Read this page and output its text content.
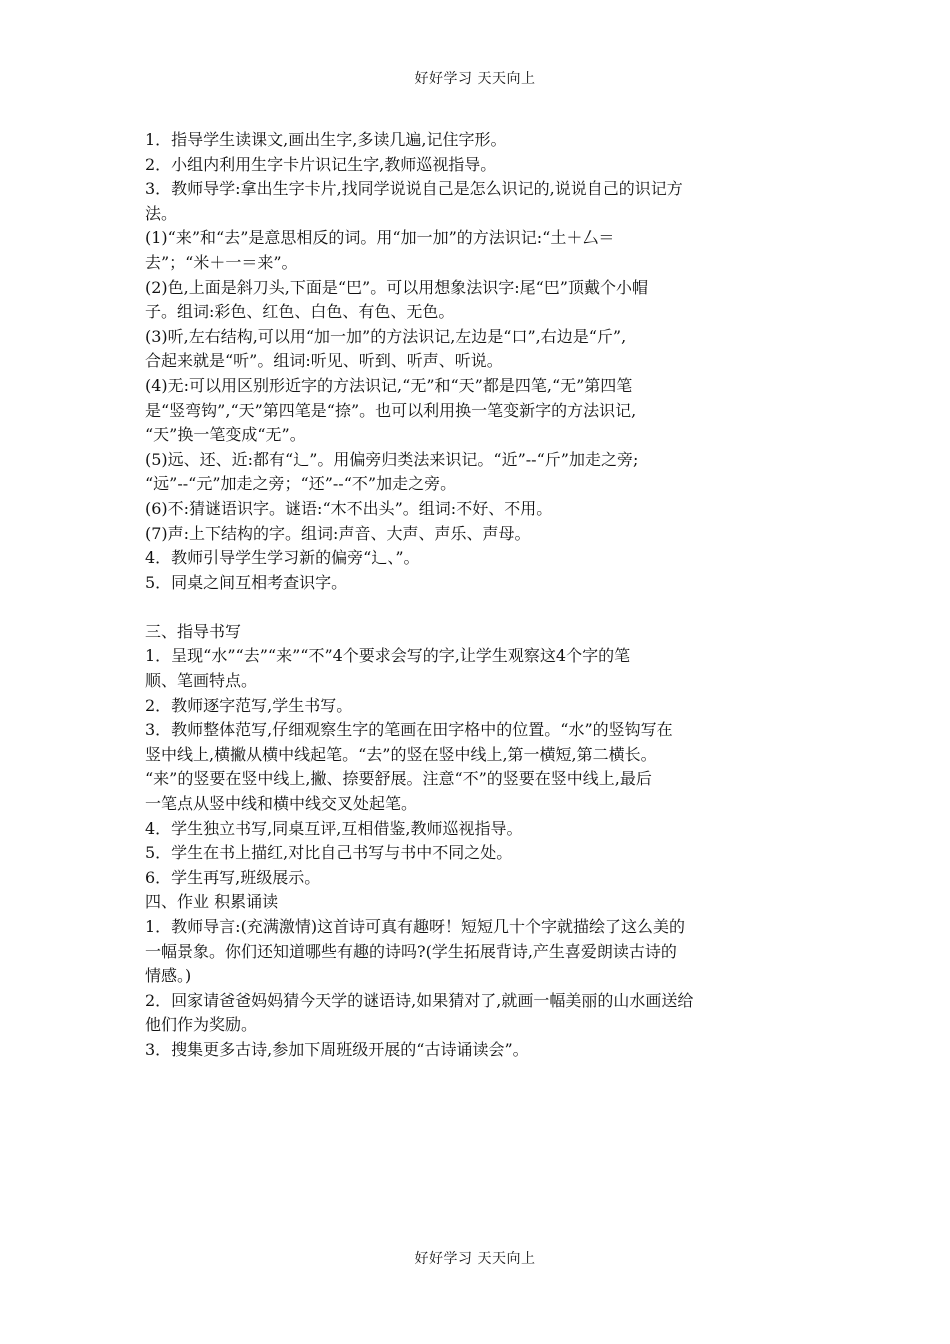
好好学习 天天向上
1．指导学生读课文,画出生字,多读几遍,记住字形。
2．小组内利用生字卡片识记生字,教师巡视指导。
3．教师导学:拿出生字卡片,找同学说说自己是怎么识记的,说说自己的识记方
法。
(1)“来”和“去”是意思相反的词。用“加一加”的方法识记:“土＋厶＝
去”；“米＋一＝来”。
(2)色,上面是斜刀头,下面是“巴”。可以用想象法识字:尾“巴”顶戴个小帽
子。组词:彩色、红色、白色、有色、无色。
(3)听,左右结构,可以用“加一加”的方法识记,左边是“口”,右边是“斤”,
合起来就是“听”。组词:听见、听到、听声、听说。
(4)无:可以用区别形近字的方法识记,“无”和“天”都是四笔,“无”第四笔
是“竖弯钩”,“天”第四笔是“捺”。也可以利用换一笔变新字的方法识记,
“天”换一笔变成“无”。
(5)远、还、近:都有“辶”。用偏旁归类法来识记。“近”--“斤”加走之旁;
“远”--“元”加走之旁；“还”--“不”加走之旁。
(6)不:猜谜语识字。谜语:“木不出头”。组词:不好、不用。
(7)声:上下结构的字。组词:声音、大声、声乐、声母。
4．教师引导学生学习新的偏旁“辶、”。
5．同桌之间互相考查识字。
三、指导书写
1．呈现“水”“去”“来”“不”4个要求会写的字,让学生观察这4个字的笔
顺、笔画特点。
2．教师逐字范写,学生书写。
3．教师整体范写,仔细观察生字的笔画在田字格中的位置。“水”的竖钩写在
竖中线上,横撇从横中线起笔。“去”的竖在竖中线上,第一横短,第二横长。
“来”的竖要在竖中线上,撇、捺要舒展。注意“不”的竖要在竖中线上,最后
一笔点从竖中线和横中线交叉处起笔。
4．学生独立书写,同桌互评,互相借鉴,教师巡视指导。
5．学生在书上描红,对比自己书写与书中不同之处。
6．学生再写,班级展示。
四、作业 积累诵读
1．教师导言:(充满激情)这首诗可真有趣呀！短短几十个字就描绘了这么美的
一幅景象。你们还知道哪些有趣的诗吗?(学生拓展背诗,产生喜爱朗读古诗的
情感。)
2．回家请爸爸妈妈猜今天学的谜语诗,如果猜对了,就画一幅美丽的山水画送给
他们作为奖励。
3．搜集更多古诗,参加下周班级开展的“古诗诵读会”。
好好学习 天天向上
